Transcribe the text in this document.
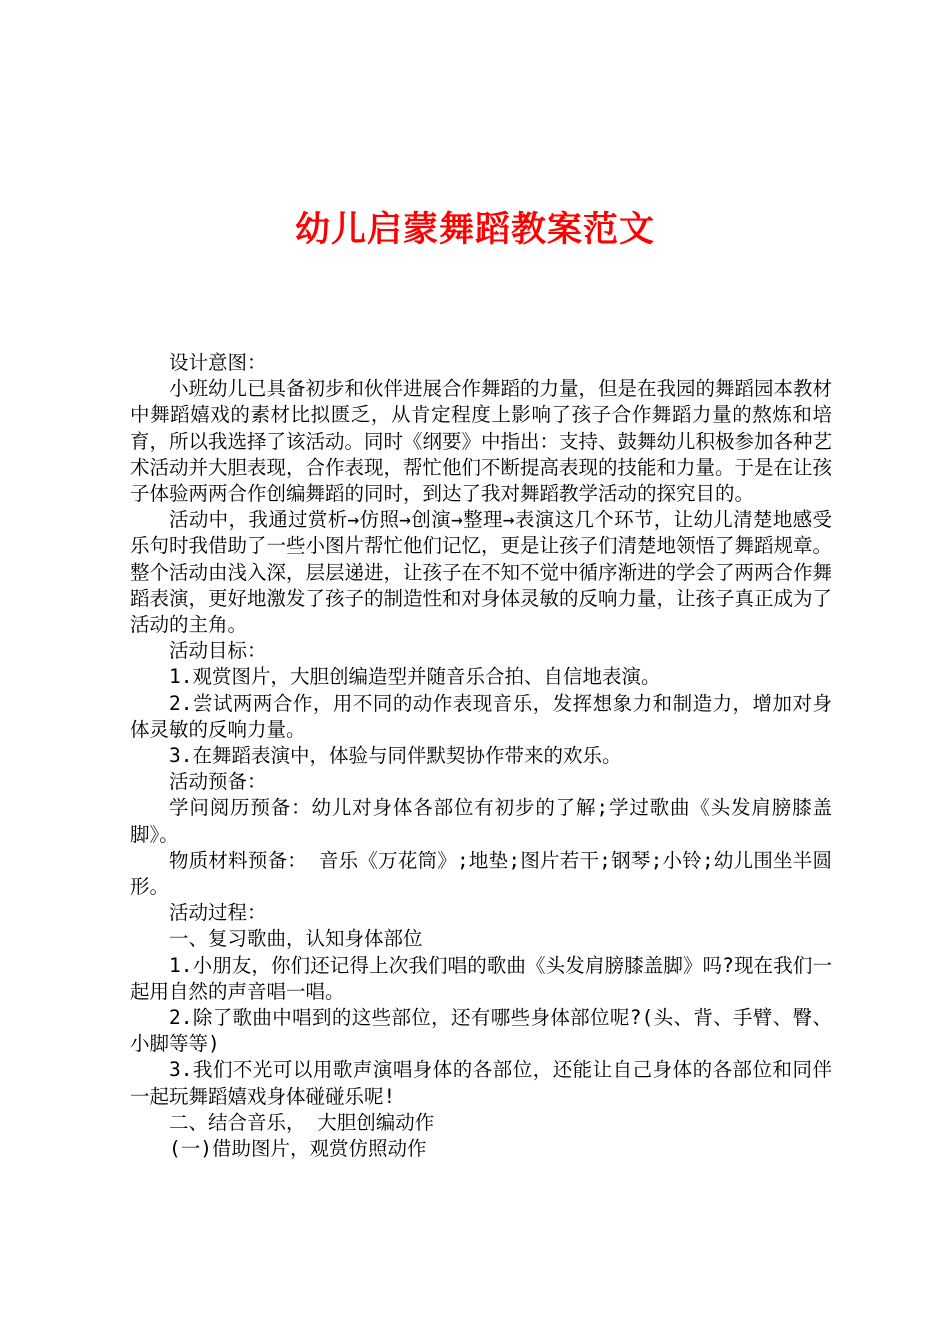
幼儿启蒙舞蹈教案范文

设计意图：

小班幼儿已具备初步和伙伴进展合作舞蹈的力量，但是在我园的舞蹈园本教材中舞蹈嬉戏的素材比拟匮乏，从肯定程度上影响了孩子合作舞蹈力量的熬炼和培育，所以我选择了该活动。同时《纲要》中指出：支持、鼓舞幼儿积极参加各种艺术活动并大胆表现，合作表现，帮忙他们不断提高表现的技能和力量。于是在让孩子体验两两合作创编舞蹈的同时，到达了我对舞蹈教学活动的探究目的。

活动中，我通过赏析→仿照→创演→整理→表演这几个环节，让幼儿清楚地感受乐句时我借助了一些小图片帮忙他们记忆，更是让孩子们清楚地领悟了舞蹈规章。整个活动由浅入深，层层递进，让孩子在不知不觉中循序渐进的学会了两两合作舞蹈表演，更好地激发了孩子的制造性和对身体灵敏的反响力量，让孩子真正成为了活动的主角。

活动目标：

1.观赏图片，大胆创编造型并随音乐合拍、自信地表演。

2.尝试两两合作，用不同的动作表现音乐，发挥想象力和制造力，增加对身体灵敏的反响力量。

3.在舞蹈表演中，体验与同伴默契协作带来的欢乐。

活动预备：

学问阅历预备：幼儿对身体各部位有初步的了解;学过歌曲《头发肩膀膝盖脚》。

物质材料预备： 音乐《万花筒》;地垫;图片若干;钢琴;小铃;幼儿围坐半圆形。

活动过程：

一、复习歌曲，认知身体部位

1.小朋友，你们还记得上次我们唱的歌曲《头发肩膀膝盖脚》吗?现在我们一起用自然的声音唱一唱。

2.除了歌曲中唱到的这些部位，还有哪些身体部位呢?(头、背、手臂、臀、小脚等等)

3.我们不光可以用歌声演唱身体的各部位，还能让自己身体的各部位和同伴一起玩舞蹈嬉戏身体碰碰乐呢!

二、结合音乐， 大胆创编动作

(一)借助图片，观赏仿照动作
